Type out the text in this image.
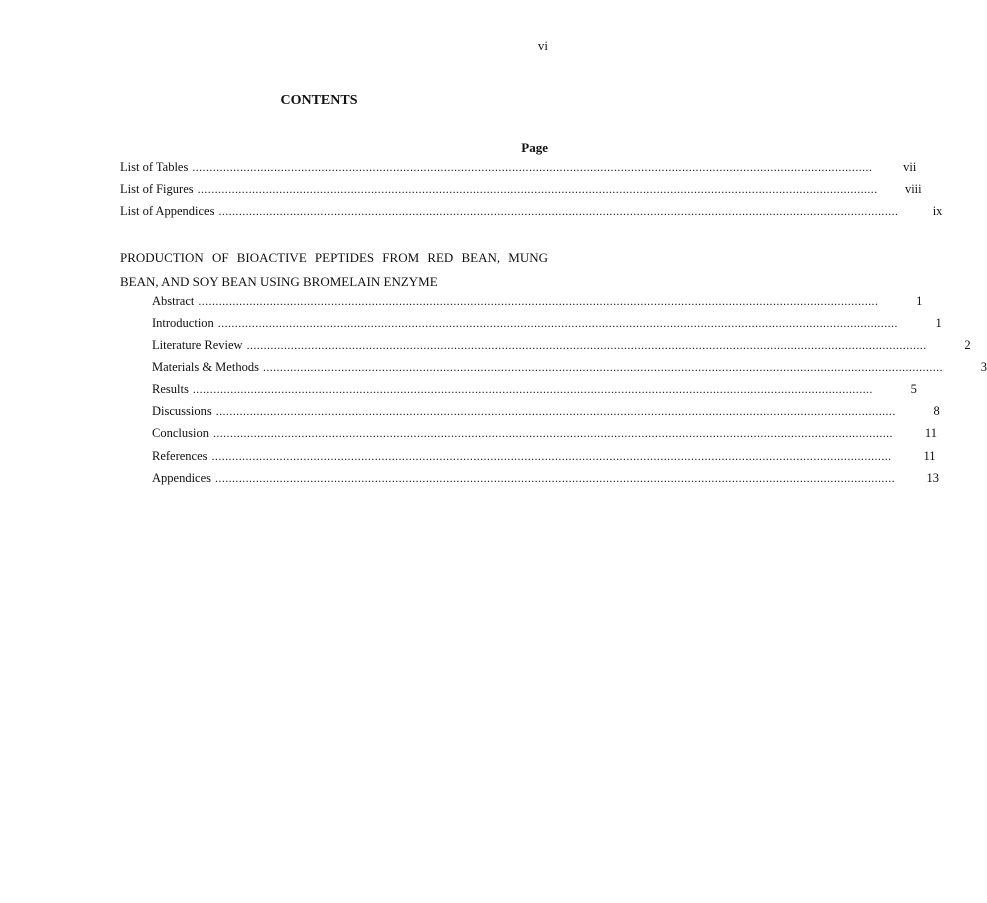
vi
CONTENTS
Page
List of Tables ........................................................................................................................................................................................................	vii
List of Figures ........................................................................................................................................................................................................	viii
List of Appendices ........................................................................................................................................................................................................	ix
PRODUCTION OF BIOACTIVE PEPTIDES FROM RED BEAN, MUNG
BEAN, AND SOY BEAN USING BROMELAIN ENZYME
Abstract ........................................................................................................................................................................................................	1
Introduction ........................................................................................................................................................................................................	1
Literature Review ........................................................................................................................................................................................................	2
Materials & Methods ........................................................................................................................................................................................................	3
Results ........................................................................................................................................................................................................	5
Discussions ........................................................................................................................................................................................................	8
Conclusion ........................................................................................................................................................................................................	11
References ........................................................................................................................................................................................................	11
Appendices ........................................................................................................................................................................................................	13
